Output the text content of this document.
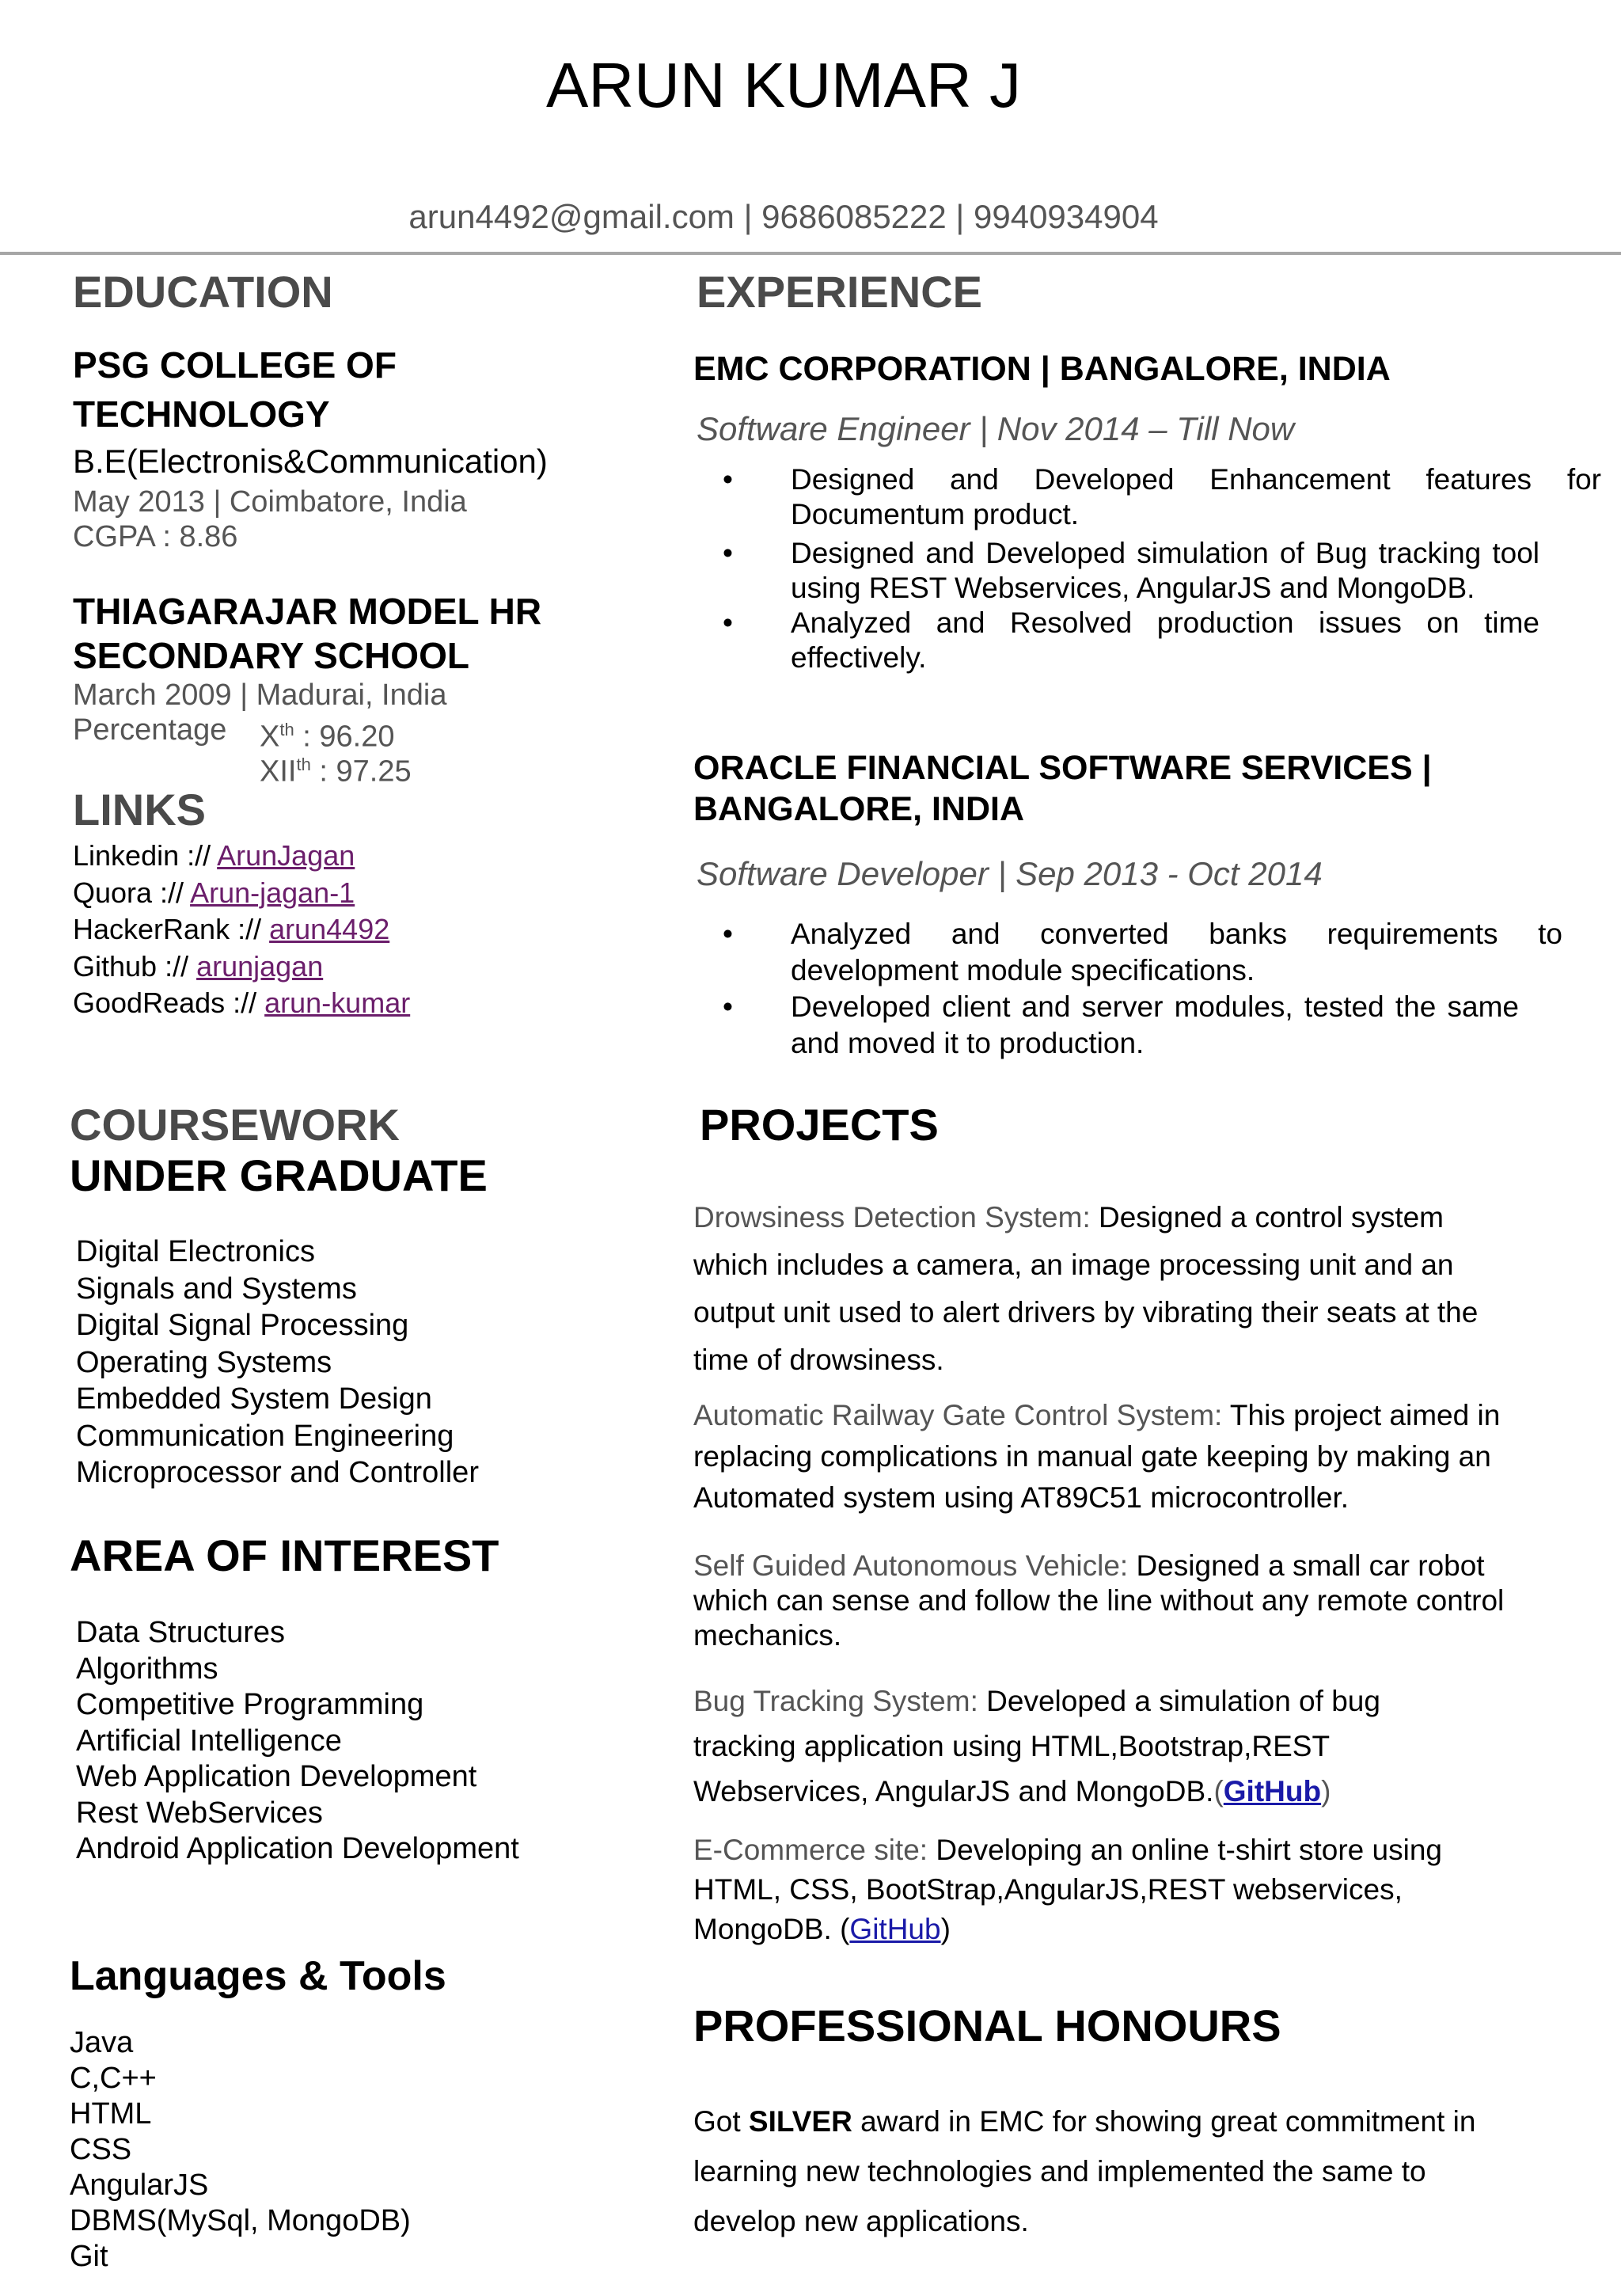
ARUN KUMAR J
arun4492@gmail.com | 9686085222 | 9940934904
EDUCATION
PSG COLLEGE OF
TECHNOLOGY
B.E(Electronis&Communication)
May 2013 | Coimbatore, India
CGPA : 8.86
THIAGARAJAR MODEL HR
SECONDARY SCHOOL
March 2009 | Madurai, India
Percentage Xth : 96.20
XIIth : 97.25
LINKS
Linkedin :// ArunJagan
Quora :// Arun-jagan-1
HackerRank :// arun4492
Github :// arunjagan
GoodReads :// arun-kumar
COURSEWORK
UNDER GRADUATE
Digital Electronics
Signals and Systems
Digital Signal Processing
Operating Systems
Embedded System Design
Communication Engineering
Microprocessor and Controller
AREA OF INTEREST
Data Structures
Algorithms
Competitive Programming
Artificial Intelligence
Web Application Development
Rest WebServices
Android Application Development
Languages & Tools
Java
C,C++
HTML
CSS
AngularJS
DBMS(MySql, MongoDB)
Git
EXPERIENCE
EMC CORPORATION | BANGALORE, INDIA
Software Engineer | Nov 2014 – Till Now
• Designed and Developed Enhancement features for Documentum product.
• Designed and Developed simulation of Bug tracking tool using REST Webservices, AngularJS and MongoDB.
• Analyzed and Resolved production issues on time effectively.
ORACLE FINANCIAL SOFTWARE SERVICES |
BANGALORE, INDIA
Software Developer | Sep 2013 - Oct 2014
• Analyzed and converted banks requirements to development module specifications.
• Developed client and server modules, tested the same and moved it to production.
PROJECTS
Drowsiness Detection System: Designed a control system which includes a camera, an image processing unit and an output unit used to alert drivers by vibrating their seats at the time of drowsiness.
Automatic Railway Gate Control System: This project aimed in replacing complications in manual gate keeping by making an Automated system using AT89C51 microcontroller.
Self Guided Autonomous Vehicle: Designed a small car robot which can sense and follow the line without any remote control mechanics.
Bug Tracking System: Developed a simulation of bug tracking application using HTML,Bootstrap,REST Webservices, AngularJS and MongoDB.(GitHub)
E-Commerce site: Developing an online t-shirt store using HTML, CSS, BootStrap,AngularJS,REST webservices, MongoDB. (GitHub)
PROFESSIONAL HONOURS
Got SILVER award in EMC for showing great commitment in learning new technologies and implemented the same to develop new applications.
